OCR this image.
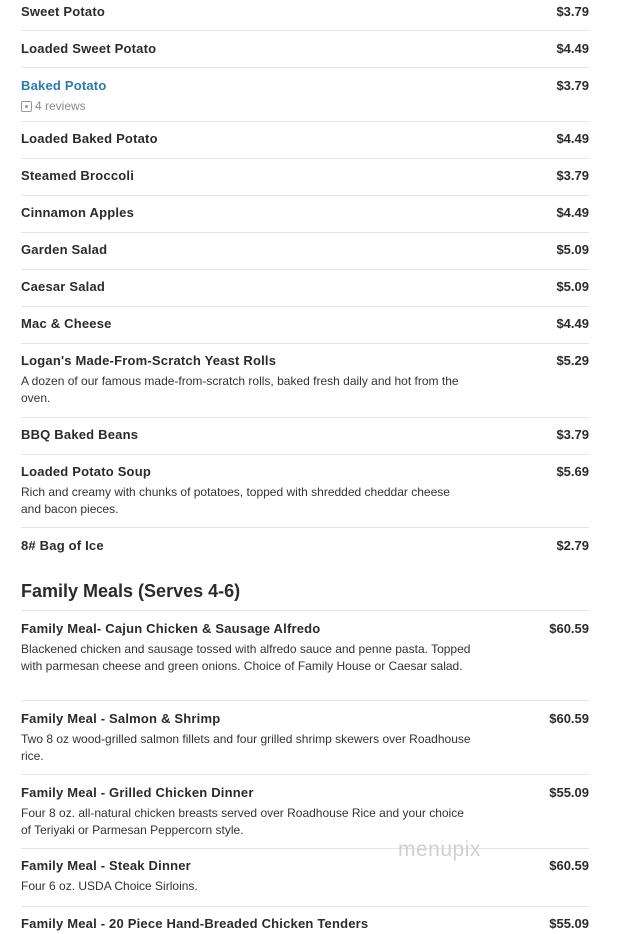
Sweet Potato	$3.79
Loaded Sweet Potato	$4.49
Baked Potato	$3.79
4 reviews
Loaded Baked Potato	$4.49
Steamed Broccoli	$3.79
Cinnamon Apples	$4.49
Garden Salad	$5.09
Caesar Salad	$5.09
Mac & Cheese	$4.49
Logan's Made-From-Scratch Yeast Rolls	$5.29
A dozen of our famous made-from-scratch rolls, baked fresh daily and hot from the oven.
BBQ Baked Beans	$3.79
Loaded Potato Soup	$5.69
Rich and creamy with chunks of potatoes, topped with shredded cheddar cheese and bacon pieces.
8# Bag of Ice	$2.79
Family Meals (Serves 4-6)
Family Meal- Cajun Chicken & Sausage Alfredo	$60.59
Blackened chicken and sausage tossed with alfredo sauce and penne pasta. Topped with parmesan cheese and green onions. Choice of Family House or Caesar salad.
Family Meal - Salmon & Shrimp	$60.59
Two 8 oz wood-grilled salmon fillets and four grilled shrimp skewers over Roadhouse rice.
Family Meal - Grilled Chicken Dinner	$55.09
Four 8 oz. all-natural chicken breasts served over Roadhouse Rice and your choice of Teriyaki or Parmesan Peppercorn style.
Family Meal - Steak Dinner	$60.59
Four 6 oz. USDA Choice Sirloins.
Family Meal - 20 Piece Hand-Breaded Chicken Tenders	$55.09
menupix
